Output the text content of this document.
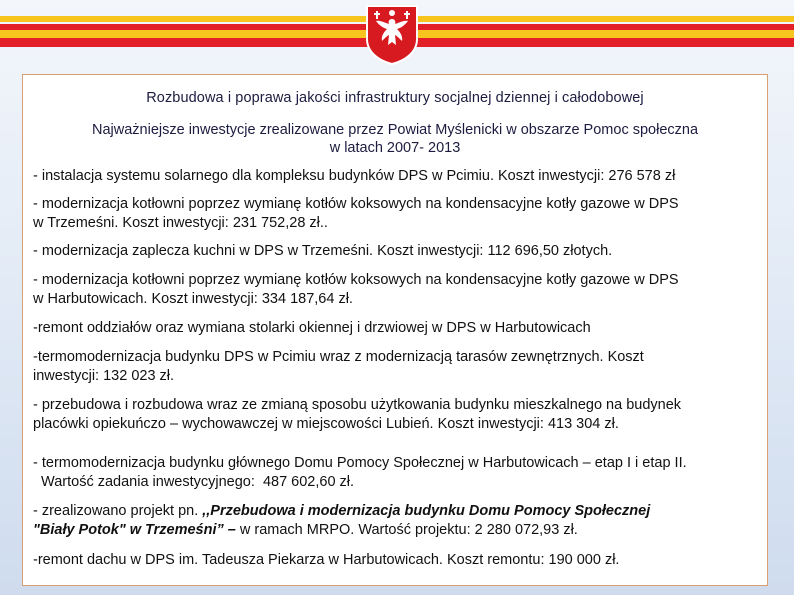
Rozbudowa i poprawa jakości infrastruktury socjalnej dziennej i całodobowej
Najważniejsze inwestycje zrealizowane przez Powiat Myślenicki w obszarze Pomoc społeczna
w latach 2007- 2013
- instalacja systemu solarnego dla kompleksu budynków DPS w Pcimiu. Koszt inwestycji: 276 578 zł
- modernizacja kotłowni poprzez wymianę kotłów koksowych na kondensacyjne kotły gazowe w DPS
w Trzemeśni. Koszt inwestycji: 231 752,28 zł..
- modernizacja zaplecza kuchni w DPS w Trzemeśni. Koszt inwestycji: 112 696,50 złotych.
- modernizacja kotłowni poprzez wymianę kotłów koksowych na kondensacyjne kotły gazowe w DPS
w Harbutowicach. Koszt inwestycji: 334 187,64 zł.
-remont oddziałów oraz wymiana stolarki okiennej i drzwiowej w DPS w Harbutowicach
-termomodernizacja budynku DPS w Pcimiu wraz z modernizacją tarasów zewnętrznych. Koszt
inwestycji: 132 023 zł.
- przebudowa i rozbudowa wraz ze zmianą sposobu użytkowania budynku mieszkalnego na budynek
placówki opiekuńczo – wychowawczej w miejscowości Lubień. Koszt inwestycji: 413 304 zł.
- termomodernizacja budynku głównego Domu Pomocy Społecznej w Harbutowicach – etap I i etap II.
Wartość zadania inwestycyjnego:  487 602,60 zł.
- zrealizowano projekt pn. ,,Przebudowa i modernizacja budynku Domu Pomocy Społecznej
"Biały Potok" w Trzemeśni” – w ramach MRPO. Wartość projektu: 2 280 072,93 zł.
-remont dachu w DPS im. Tadeusza Piekarza w Harbutowicach. Koszt remontu: 190 000 zł.
